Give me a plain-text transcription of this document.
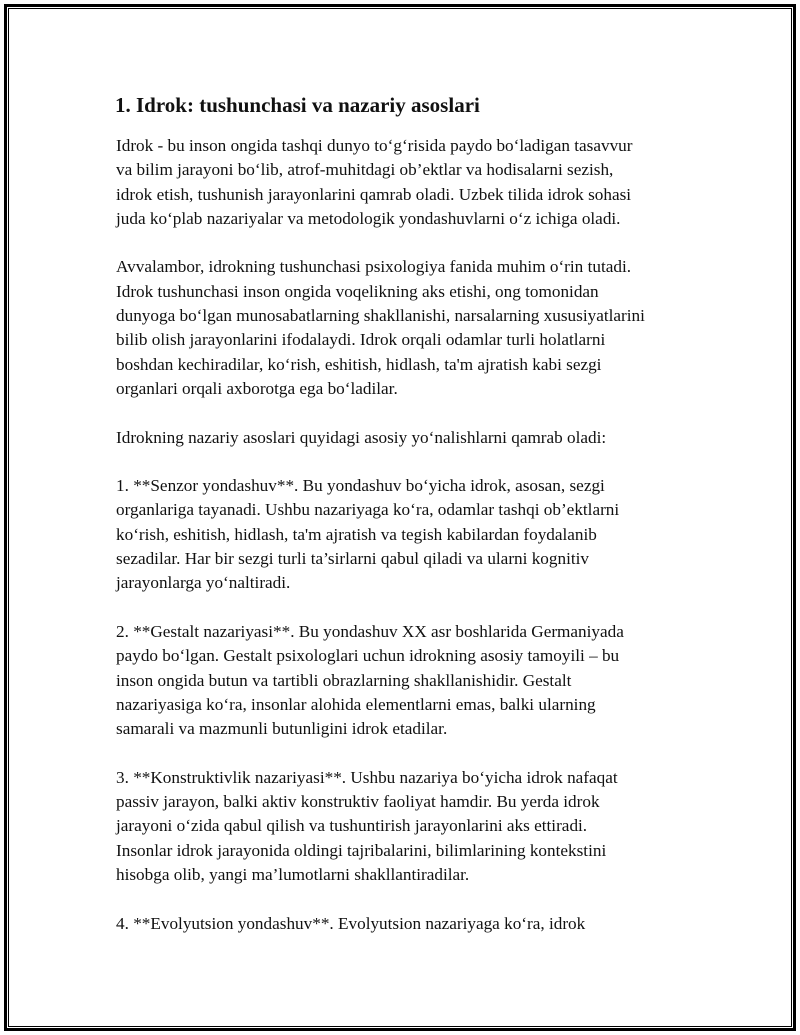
1. Idrok: tushunchasi va nazariy asoslari
Idrok - bu inson ongida tashqi dunyo to‘g‘risida paydo bo‘ladigan tasavvur
va bilim jarayoni bo‘lib, atrof-muhitdagi ob’ektlar va hodisalarni sezish,
idrok etish, tushunish jarayonlarini qamrab oladi. Uzbek tilida idrok sohasi
juda ko‘plab nazariyalar va metodologik yondashuvlarni o‘z ichiga oladi.
Avvalambor, idrokning tushunchasi psixologiya fanida muhim o‘rin tutadi.
Idrok tushunchasi inson ongida voqelikning aks etishi, ong tomonidan
dunyoga bo‘lgan munosabatlarning shakllanishi, narsalarning xususiyatlarini
bilib olish jarayonlarini ifodalaydi. Idrok orqali odamlar turli holatlarni
boshdan kechiradilar, ko‘rish, eshitish, hidlash, ta'm ajratish kabi sezgi
organlari orqali axborotga ega bo‘ladilar.
Idrokning nazariy asoslari quyidagi asosiy yo‘nalishlarni qamrab oladi:
1. **Senzor yondashuv**. Bu yondashuv bo‘yicha idrok, asosan, sezgi
organlariga tayanadi. Ushbu nazariyaga ko‘ra, odamlar tashqi ob’ektlarni
ko‘rish, eshitish, hidlash, ta'm ajratish va tegish kabilardan foydalanib
sezadilar. Har bir sezgi turli ta’sirlarni qabul qiladi va ularni kognitiv
jarayonlarga yo‘naltiradi.
2. **Gestalt nazariyasi**. Bu yondashuv XX asr boshlarida Germaniyada
paydo bo‘lgan. Gestalt psixologlari uchun idrokning asosiy tamoyili – bu
inson ongida butun va tartibli obrazlarning shakllanishidir. Gestalt
nazariyasiga ko‘ra, insonlar alohida elementlarni emas, balki ularning
samarali va mazmunli butunligini idrok etadilar.
3. **Konstruktivlik nazariyasi**. Ushbu nazariya bo‘yicha idrok nafaqat
passiv jarayon, balki aktiv konstruktiv faoliyat hamdir. Bu yerda idrok
jarayoni o‘zida qabul qilish va tushuntirish jarayonlarini aks ettiradi.
Insonlar idrok jarayonida oldingi tajribalarini, bilimlarining kontekstini
hisobga olib, yangi ma’lumotlarni shakllantiradilar.
4. **Evolyutsion yondashuv**. Evolyutsion nazariyaga ko‘ra, idrok
